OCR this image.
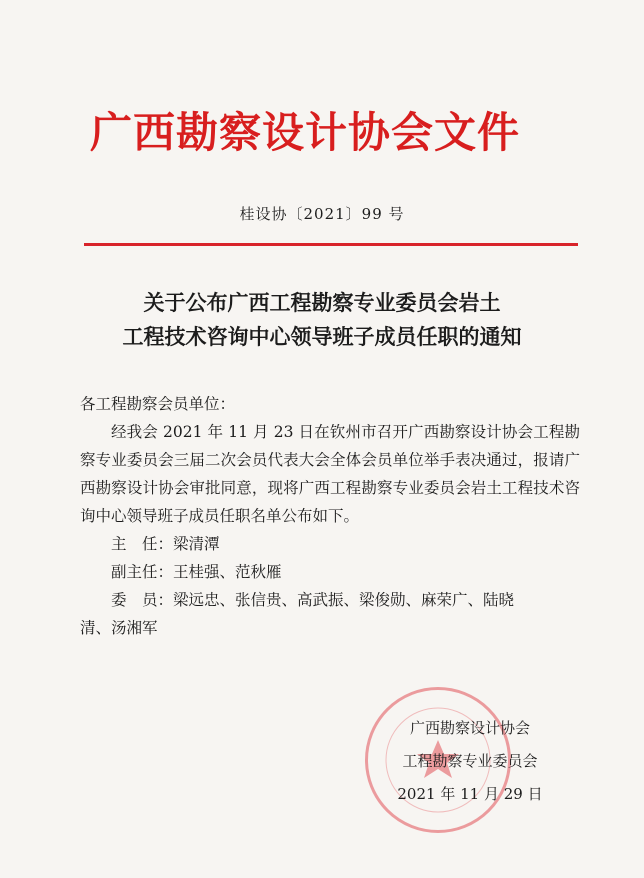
广西勘察设计协会文件
桂设协〔2021〕99 号
关于公布广西工程勘察专业委员会岩土
工程技术咨询中心领导班子成员任职的通知

各工程勘察会员单位：

经我会 2021 年 11 月 23 日在钦州市召开广西勘察设计协会工程勘察专业委员会三届二次会员代表大会全体会员单位举手表决通过，报请广西勘察设计协会审批同意，现将广西工程勘察专业委员会岩土工程技术咨询中心领导班子成员任职名单公布如下。

主　任：梁清潭

副主任：王桂强、范秋雁

委　员：梁远忠、张信贵、高武振、梁俊勋、麻荣广、陆晓

清、汤湘军

广西勘察设计协会
工程勘察专业委员会
2021 年 11 月 29 日
